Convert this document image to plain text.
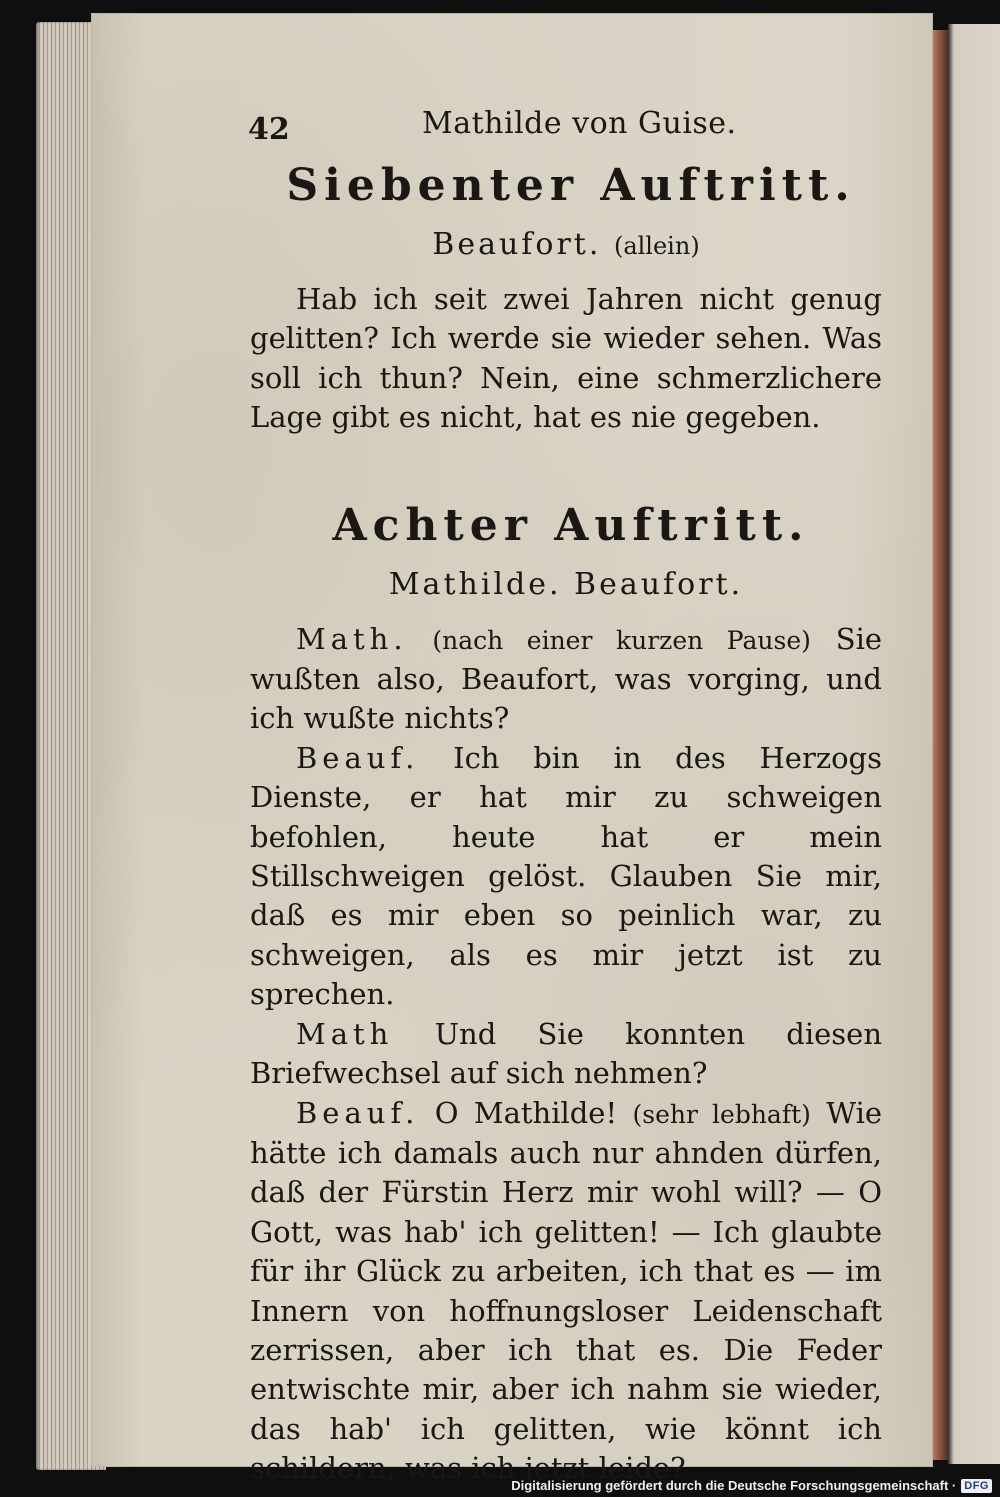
42	Mathilde von Guise.
Siebenter Auftritt.
Beaufort. (allein)

Hab ich seit zwei Jahren nicht genug gelitten? Ich werde sie wieder sehen. Was soll ich thun? Nein, eine schmerzlichere Lage gibt es nicht, hat es nie gegeben.

Achter Auftritt.
Mathilde. Beaufort.

Math. (nach einer kurzen Pause) Sie wußten also, Beaufort, was vorging, und ich wußte nichts?

Beauf. Ich bin in des Herzogs Dienste, er hat mir zu schweigen befohlen, heute hat er mein Stillschweigen gelöst. Glauben Sie mir, daß es mir eben so peinlich war, zu schweigen, als es mir jetzt ist zu sprechen.

Math Und Sie konnten diesen Briefwechsel auf sich nehmen?

Beauf. O Mathilde! (sehr lebhaft) Wie hätte ich damals auch nur ahnden dürfen, daß der Fürstin Herz mir wohl will? — O Gott, was hab' ich gelitten! — Ich glaubte für ihr Glück zu arbeiten, ich that es — im Innern von hoffnungsloser Leidenschaft zerrissen, aber ich that es. Die Feder entwischte mir, aber ich nahm sie wieder, das hab' ich gelitten, wie könnt ich schildern, was ich jetzt leide?

Digitalisierung gefördert durch die Deutsche Forschungsgemeinschaft · DFG
